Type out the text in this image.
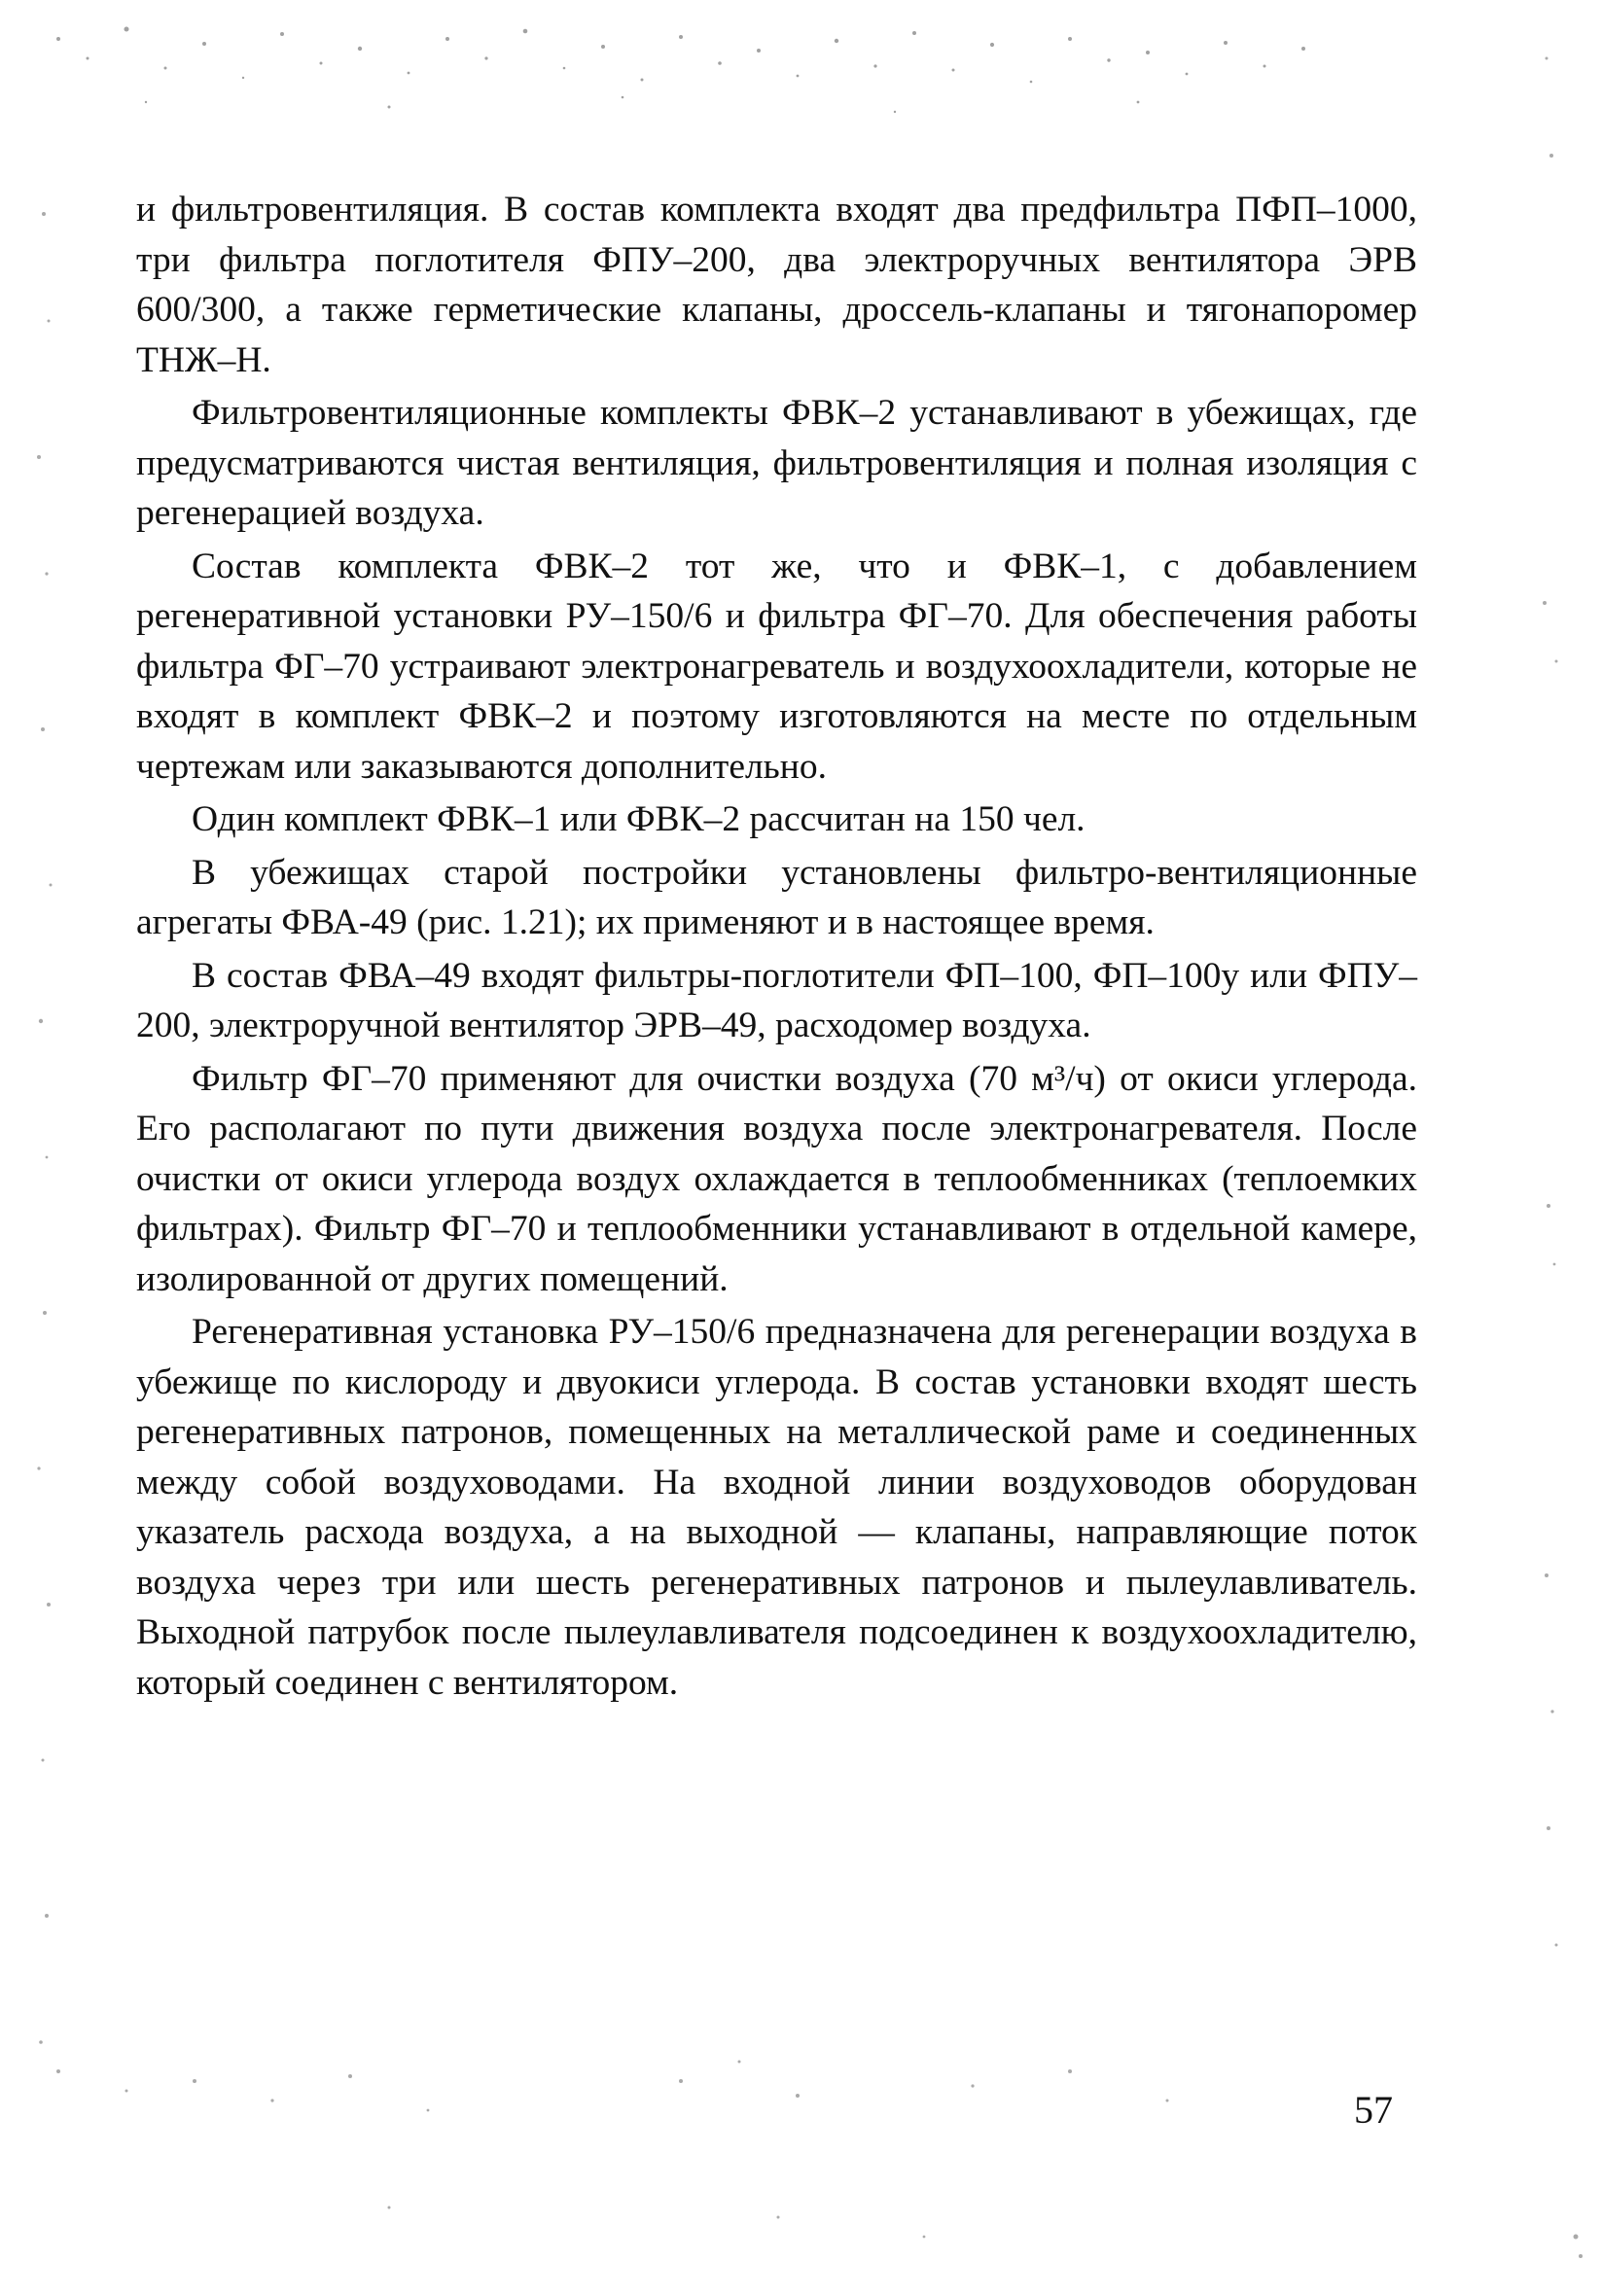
и фильтровентиляция. В состав комплекта входят два предфильтра ПФП–1000, три фильтра поглотителя ФПУ–200, два электроручных вентилятора ЭРВ 600/300, а также герметические клапаны, дроссель-клапаны и тягонапоромер ТНЖ–Н.

Фильтровентиляционные комплекты ФВК–2 устанавливают в убежищах, где предусматриваются чистая вентиляция, фильтровентиляция и полная изоляция с регенерацией воздуха.

Состав комплекта ФВК–2 тот же, что и ФВК–1, с добавлением регенеративной установки РУ–150/6 и фильтра ФГ–70. Для обеспечения работы фильтра ФГ–70 устраивают электронагреватель и воздухоохладители, которые не входят в комплект ФВК–2 и поэтому изготовляются на месте по отдельным чертежам или заказываются дополнительно.

Один комплект ФВК–1 или ФВК–2 рассчитан на 150 чел.

В убежищах старой постройки установлены фильтро-вентиляционные агрегаты ФВА-49 (рис. 1.21); их применяют и в настоящее время.

В состав ФВА–49 входят фильтры-поглотители ФП–100, ФП–100у или ФПУ–200, электроручной вентилятор ЭРВ–49, расходомер воздуха.

Фильтр ФГ–70 применяют для очистки воздуха (70 м³/ч) от окиси углерода. Его располагают по пути движения воздуха после электронагревателя. После очистки от окиси углерода воздух охлаждается в теплообменниках (теплоемких фильтрах). Фильтр ФГ–70 и теплообменники устанавливают в отдельной камере, изолированной от других помещений.

Регенеративная установка РУ–150/6 предназначена для регенерации воздуха в убежище по кислороду и двуокиси углерода. В состав установки входят шесть регенеративных патронов, помещенных на металлической раме и соединенных между собой воздуховодами. На входной линии воздуховодов оборудован указатель расхода воздуха, а на выходной — клапаны, направляющие поток воздуха через три или шесть регенеративных патронов и пылеулавливатель. Выходной патрубок после пылеулавливателя подсоединен к воздухоохладителю, который соединен с вентилятором.

57
